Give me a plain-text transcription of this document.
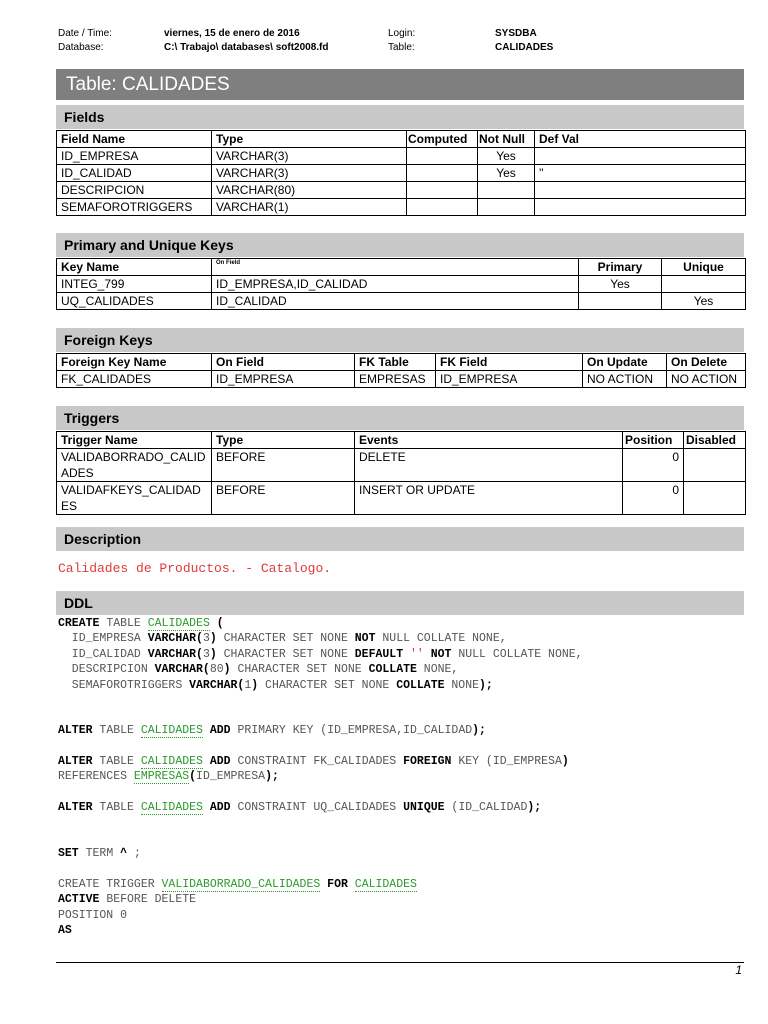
Date / Time:	viernes, 15 de enero de 2016	Login:	SYSDBA
Database:	C:\ Trabajo\ databases\ soft2008.fd	Table:	CALIDADES
Table: CALIDADES
Fields
Field Name	Type	Computed	Not Null	Def Val
ID_EMPRESA	VARCHAR(3)		Yes	
ID_CALIDAD	VARCHAR(3)		Yes	''
DESCRIPCION	VARCHAR(80)			
SEMAFOROTRIGGERS	VARCHAR(1)			
Primary and Unique Keys
Key Name	On Field	Primary	Unique
INTEG_799	ID_EMPRESA,ID_CALIDAD	Yes	
UQ_CALIDADES	ID_CALIDAD		Yes
Foreign Keys
Foreign Key Name	On Field	FK Table	FK Field	On Update	On Delete
FK_CALIDADES	ID_EMPRESA	EMPRESAS	ID_EMPRESA	NO ACTION	NO ACTION
Triggers
Trigger Name	Type	Events	Position	Disabled
VALIDABORRADO_CALIDADES	BEFORE	DELETE	0	
VALIDAFKEYS_CALIDADES	BEFORE	INSERT OR UPDATE	0	
Description
Calidades de Productos. - Catalogo.
DDL
CREATE TABLE CALIDADES (
ID_EMPRESA VARCHAR(3) CHARACTER SET NONE NOT NULL COLLATE NONE,
ID_CALIDAD VARCHAR(3) CHARACTER SET NONE DEFAULT '' NOT NULL COLLATE NONE,
DESCRIPCION VARCHAR(80) CHARACTER SET NONE COLLATE NONE,
SEMAFOROTRIGGERS VARCHAR(1) CHARACTER SET NONE COLLATE NONE);
ALTER TABLE CALIDADES ADD PRIMARY KEY (ID_EMPRESA,ID_CALIDAD);
ALTER TABLE CALIDADES ADD CONSTRAINT FK_CALIDADES FOREIGN KEY (ID_EMPRESA)
REFERENCES EMPRESAS(ID_EMPRESA);
ALTER TABLE CALIDADES ADD CONSTRAINT UQ_CALIDADES UNIQUE (ID_CALIDAD);
SET TERM ^ ;
CREATE TRIGGER VALIDABORRADO_CALIDADES FOR CALIDADES
ACTIVE BEFORE DELETE
POSITION 0
AS
1
